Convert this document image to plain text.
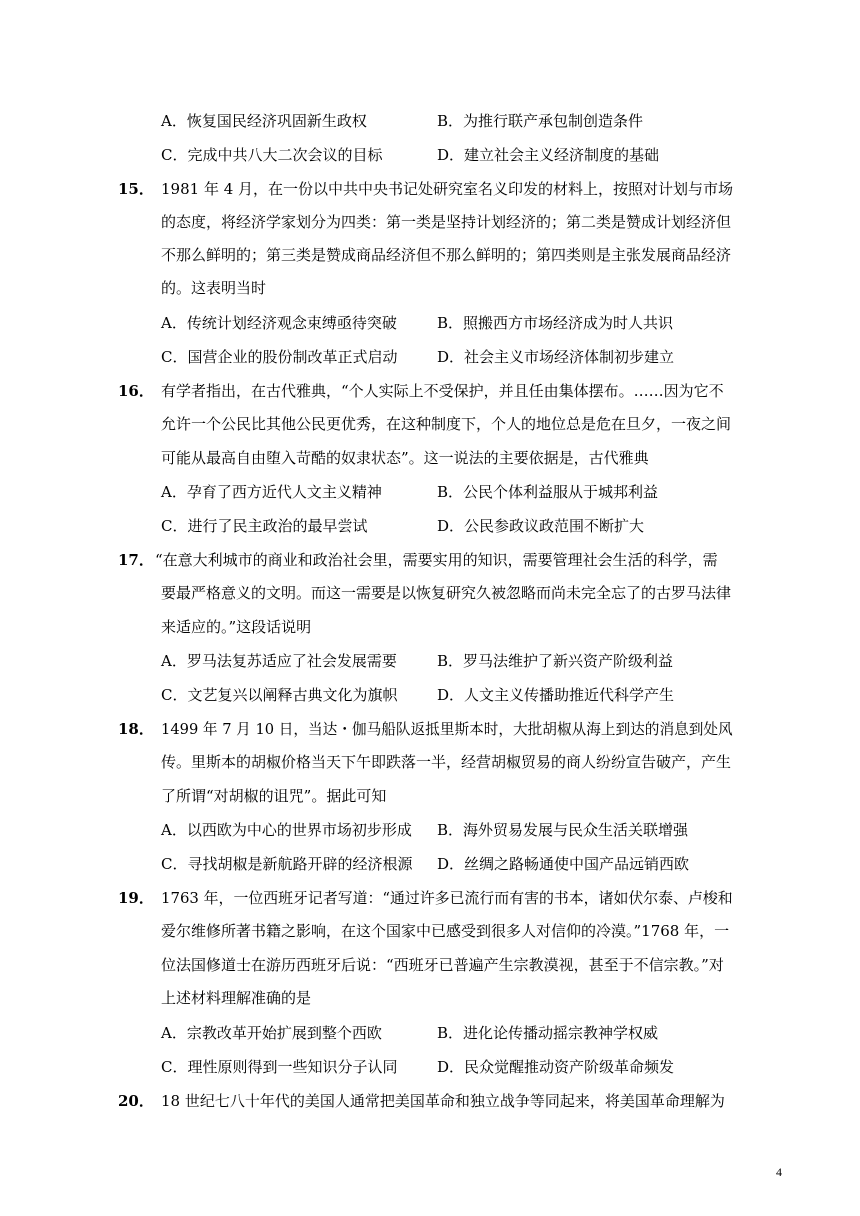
A．恢复国民经济巩固新生政权	B．为推行联产承包制创造条件
C．完成中共八大二次会议的目标	D．建立社会主义经济制度的基础
15． 1981 年 4 月，在一份以中共中央书记处研究室名义印发的材料上，按照对计划与市场
的态度，将经济学家划分为四类：第一类是坚持计划经济的；第二类是赞成计划经济但
不那么鲜明的；第三类是赞成商品经济但不那么鲜明的；第四类则是主张发展商品经济
的。这表明当时
A．传统计划经济观念束缚亟待突破	B．照搬西方市场经济成为时人共识
C．国营企业的股份制改革正式启动	D．社会主义市场经济体制初步建立
16． 有学者指出，在古代雅典，“个人实际上不受保护，并且任由集体摆布。……因为它不
允许一个公民比其他公民更优秀，在这种制度下，个人的地位总是危在旦夕，一夜之间
可能从最高自由堕入苛酷的奴隶状态”。这一说法的主要依据是，古代雅典
A．孕育了西方近代人文主义精神	B．公民个体利益服从于城邦利益
C．进行了民主政治的最早尝试	D．公民参政议政范围不断扩大
17． “在意大利城市的商业和政治社会里，需要实用的知识，需要管理社会生活的科学，需
要最严格意义的文明。而这一需要是以恢复研究久被忽略而尚未完全忘了的古罗马法律
来适应的。”这段话说明
A．罗马法复苏适应了社会发展需要	B．罗马法维护了新兴资产阶级利益
C．文艺复兴以阐释古典文化为旗帜	D．人文主义传播助推近代科学产生
18． 1499 年 7 月 10 日，当达・伽马船队返抵里斯本时，大批胡椒从海上到达的消息到处风
传。里斯本的胡椒价格当天下午即跌落一半，经营胡椒贸易的商人纷纷宣告破产，产生
了所谓“对胡椒的诅咒”。据此可知
A．以西欧为中心的世界市场初步形成 B．海外贸易发展与民众生活关联增强
C．寻找胡椒是新航路开辟的经济根源 D．丝绸之路畅通使中国产品远销西欧
19． 1763 年，一位西班牙记者写道：“通过许多已流行而有害的书本，诸如伏尔泰、卢梭和
爱尔维修所著书籍之影响，在这个国家中已感受到很多人对信仰的冷漠。”1768 年，一
位法国修道士在游历西班牙后说：“西班牙已普遍产生宗教漠视，甚至于不信宗教。”对
上述材料理解准确的是
A．宗教改革开始扩展到整个西欧	B．进化论传播动摇宗教神学权威
C．理性原则得到一些知识分子认同	D．民众觉醒推动资产阶级革命频发
20． 18 世纪七八十年代的美国人通常把美国革命和独立战争等同起来，将美国革命理解为
4
